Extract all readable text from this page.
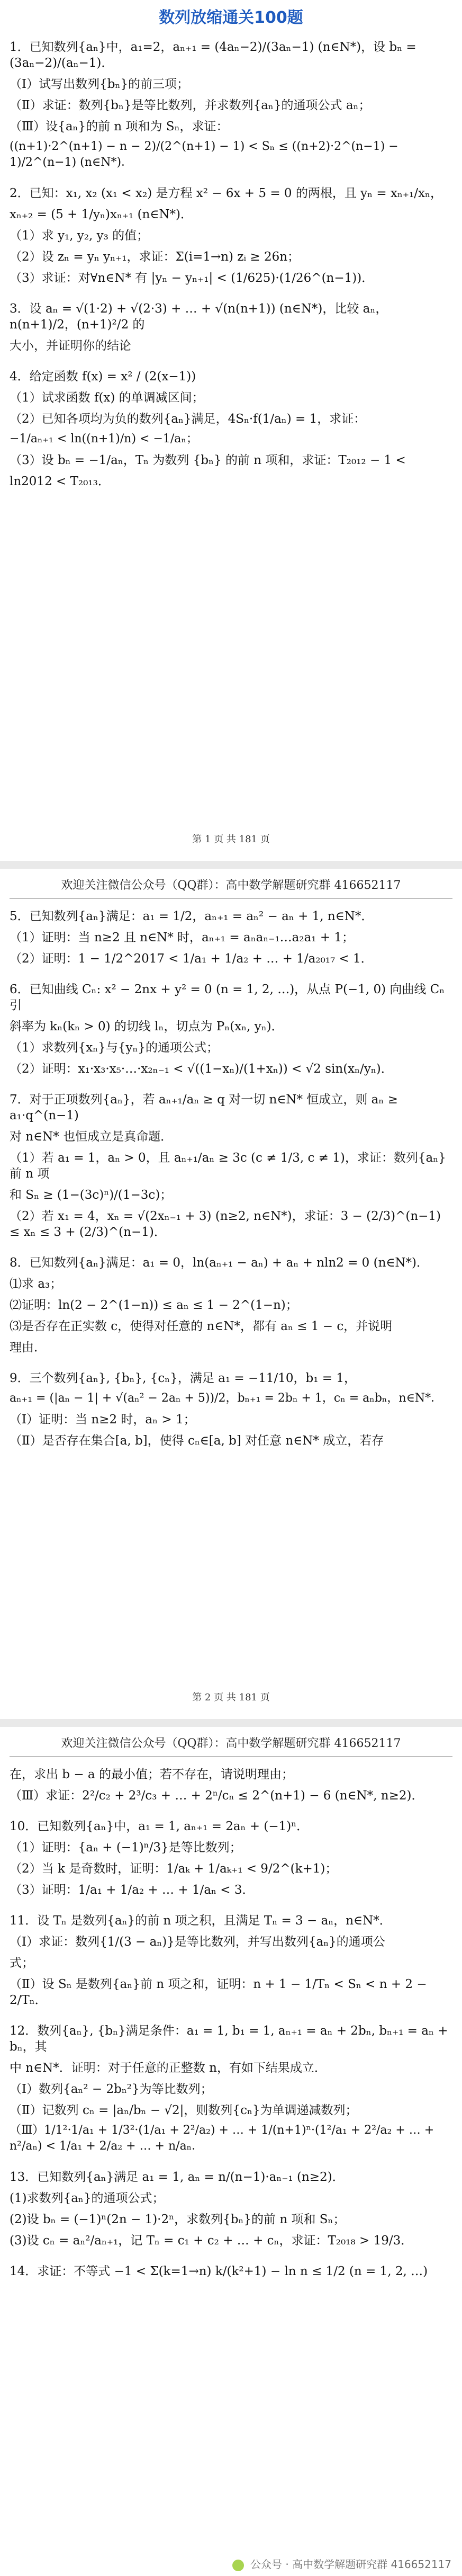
数列放缩通关100题

1．已知数列{aₙ}中，a₁=2，aₙ₊₁ = (4aₙ−2)/(3aₙ−1) (n∈N*)，设 bₙ = (3aₙ−2)/(aₙ−1)．

（Ⅰ）试写出数列{bₙ}的前三项；

（Ⅱ）求证：数列{bₙ}是等比数列，并求数列{aₙ}的通项公式 aₙ；

（Ⅲ）设{aₙ}的前 n 项和为 Sₙ，求证：

((n+1)·2^(n+1) − n − 2)/(2^(n+1) − 1) < Sₙ ≤ ((n+2)·2^(n−1) − 1)/2^(n−1) (n∈N*)．

2．已知：x₁, x₂ (x₁ < x₂) 是方程 x² − 6x + 5 = 0 的两根，且 yₙ = xₙ₊₁/xₙ，

xₙ₊₂ = (5 + 1/yₙ)xₙ₊₁ (n∈N*)．

（1）求 y₁, y₂, y₃ 的值；

（2）设 zₙ = yₙ yₙ₊₁，求证：Σ(i=1→n) zᵢ ≥ 26n；

（3）求证：对∀n∈N* 有 |yₙ − yₙ₊₁| < (1/625)·(1/26^(n−1))．

3．设 aₙ = √(1·2) + √(2·3) + … + √(n(n+1)) (n∈N*)，比较 aₙ，n(n+1)/2，(n+1)²/2 的

大小，并证明你的结论

4．给定函数 f(x) = x² / (2(x−1))

（1）试求函数 f(x) 的单调减区间；

（2）已知各项均为负的数列{aₙ}满足，4Sₙ·f(1/aₙ) = 1，求证：

−1/aₙ₊₁ < ln((n+1)/n) < −1/aₙ；

（3）设 bₙ = −1/aₙ，Tₙ 为数列 {bₙ} 的前 n 项和，求证：T₂₀₁₂ − 1 <

ln2012 < T₂₀₁₃．

第 1 页 共 181 页
欢迎关注微信公众号（QQ群）：高中数学解题研究群 416652117

5．已知数列{aₙ}满足：a₁ = 1/2，aₙ₊₁ = aₙ² − aₙ + 1, n∈N*．

（1）证明：当 n≥2 且 n∈N* 时，aₙ₊₁ = aₙaₙ₋₁…a₂a₁ + 1；

（2）证明：1 − 1/2^2017 < 1/a₁ + 1/a₂ + … + 1/a₂₀₁₇ < 1．

6．已知曲线 Cₙ: x² − 2nx + y² = 0 (n = 1, 2, …)，从点 P(−1, 0) 向曲线 Cₙ 引

斜率为 kₙ(kₙ > 0) 的切线 lₙ，切点为 Pₙ(xₙ, yₙ)．

（1）求数列{xₙ}与{yₙ}的通项公式；

（2）证明：x₁·x₃·x₅·…·x₂ₙ₋₁ < √((1−xₙ)/(1+xₙ)) < √2 sin(xₙ/yₙ)．

7．对于正项数列{aₙ}，若 aₙ₊₁/aₙ ≥ q 对一切 n∈N* 恒成立，则 aₙ ≥ a₁·q^(n−1)

对 n∈N* 也恒成立是真命题．

（1）若 a₁ = 1，aₙ > 0，且 aₙ₊₁/aₙ ≥ 3c (c ≠ 1/3, c ≠ 1)，求证：数列{aₙ}前 n 项

和 Sₙ ≥ (1−(3c)ⁿ)/(1−3c)；

（2）若 x₁ = 4，xₙ = √(2xₙ₋₁ + 3) (n≥2, n∈N*)，求证：3 − (2/3)^(n−1) ≤ xₙ ≤ 3 + (2/3)^(n−1)．

8．已知数列{aₙ}满足：a₁ = 0，ln(aₙ₊₁ − aₙ) + aₙ + nln2 = 0 (n∈N*)．

⑴求 a₃；

⑵证明：ln(2 − 2^(1−n)) ≤ aₙ ≤ 1 − 2^(1−n)；

⑶是否存在正实数 c，使得对任意的 n∈N*，都有 aₙ ≤ 1 − c，并说明

理由．

9．三个数列{aₙ}, {bₙ}, {cₙ}，满足 a₁ = −11/10，b₁ = 1，

aₙ₊₁ = (|aₙ − 1| + √(aₙ² − 2aₙ + 5))/2，bₙ₊₁ = 2bₙ + 1，cₙ = aₙbₙ，n∈N*．

（Ⅰ）证明：当 n≥2 时，aₙ > 1；

（Ⅱ）是否存在集合[a, b]，使得 cₙ∈[a, b] 对任意 n∈N* 成立，若存

第 2 页 共 181 页
欢迎关注微信公众号（QQ群）：高中数学解题研究群 416652117

在，求出 b − a 的最小值；若不存在，请说明理由；

（Ⅲ）求证：2²/c₂ + 2³/c₃ + … + 2ⁿ/cₙ ≤ 2^(n+1) − 6 (n∈N*, n≥2)．

10．已知数列{aₙ}中，a₁ = 1, aₙ₊₁ = 2aₙ + (−1)ⁿ．

（1）证明：{aₙ + (−1)ⁿ/3}是等比数列；

（2）当 k 是奇数时，证明：1/aₖ + 1/aₖ₊₁ < 9/2^(k+1)；

（3）证明：1/a₁ + 1/a₂ + … + 1/aₙ < 3．

11．设 Tₙ 是数列{aₙ}的前 n 项之积，且满足 Tₙ = 3 − aₙ，n∈N*．

（Ⅰ）求证：数列{1/(3 − aₙ)}是等比数列，并写出数列{aₙ}的通项公

式；

（Ⅱ）设 Sₙ 是数列{aₙ}前 n 项之和，证明：n + 1 − 1/Tₙ < Sₙ < n + 2 − 2/Tₙ．

12．数列{aₙ}, {bₙ}满足条件：a₁ = 1, b₁ = 1, aₙ₊₁ = aₙ + 2bₙ, bₙ₊₁ = aₙ + bₙ，其

中 n∈N*．证明：对于任意的正整数 n，有如下结果成立．

（Ⅰ）数列{aₙ² − 2bₙ²}为等比数列；

（Ⅱ）记数列 cₙ = |aₙ/bₙ − √2|，则数列{cₙ}为单调递减数列；

（Ⅲ）1/1²·1/a₁ + 1/3²·(1/a₁ + 2²/a₂) + … + 1/(n+1)ⁿ·(1²/a₁ + 2²/a₂ + … + n²/aₙ) < 1/a₁ + 2/a₂ + … + n/aₙ．

13．已知数列{aₙ}满足 a₁ = 1, aₙ = n/(n−1)·aₙ₋₁ (n≥2)．

(1)求数列{aₙ}的通项公式；

(2)设 bₙ = (−1)ⁿ(2n − 1)·2ⁿ，求数列{bₙ}的前 n 项和 Sₙ；

(3)设 cₙ = aₙ²/aₙ₊₁，记 Tₙ = c₁ + c₂ + … + cₙ，求证：T₂₀₁₈ > 19/3．

14．求证：不等式 −1 < Σ(k=1→n) k/(k²+1) − ln n ≤ 1/2 (n = 1, 2, …)

公众号 · 高中数学解题研究群 416652117
